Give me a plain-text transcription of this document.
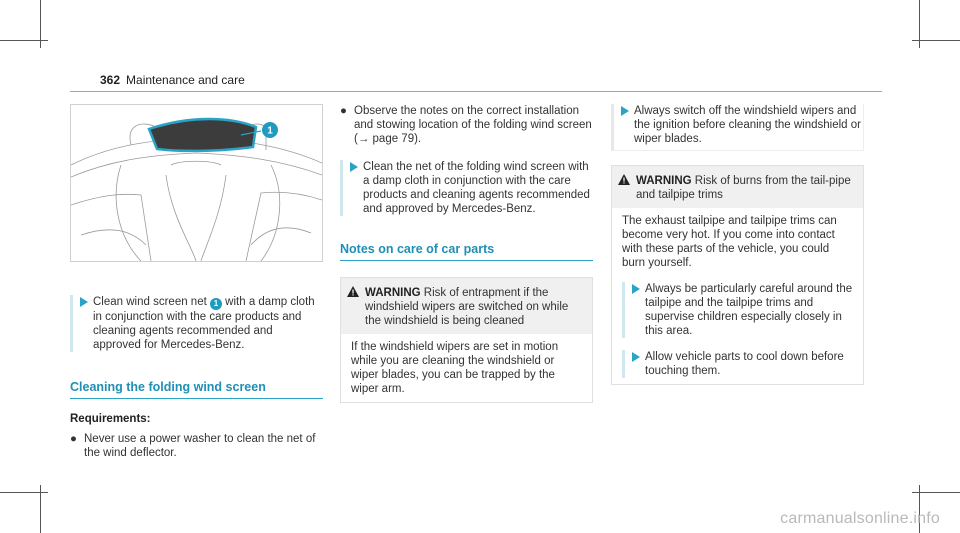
362 Maintenance and care
1

Clean wind screen net 1 with a damp cloth in conjunction with the care products and cleaning agents recommended and approved for Mercedes-Benz.

Cleaning the folding wind screen

Requirements:

● Never use a power washer to clean the net of the wind deflector.

● Observe the notes on the correct installation and stowing location of the folding wind screen (→ page 79).

Clean the net of the folding wind screen with a damp cloth in conjunction with the care products and cleaning agents recommended and approved by Mercedes-Benz.

Notes on care of car parts
WARNING Risk of entrapment if the windshield wipers are switched on while the windshield is being cleaned
If the windshield wipers are set in motion while you are cleaning the windshield or wiper blades, you can be trapped by the wiper arm.

Always switch off the windshield wipers and the ignition before cleaning the windshield or wiper blades.

WARNING Risk of burns from the tail-pipe and tailpipe trims
The exhaust tailpipe and tailpipe trims can become very hot. If you come into contact with these parts of the vehicle, you could burn yourself.

Always be particularly careful around the tailpipe and the tailpipe trims and supervise children especially closely in this area.

Allow vehicle parts to cool down before touching them.

carmanualsonline.info
